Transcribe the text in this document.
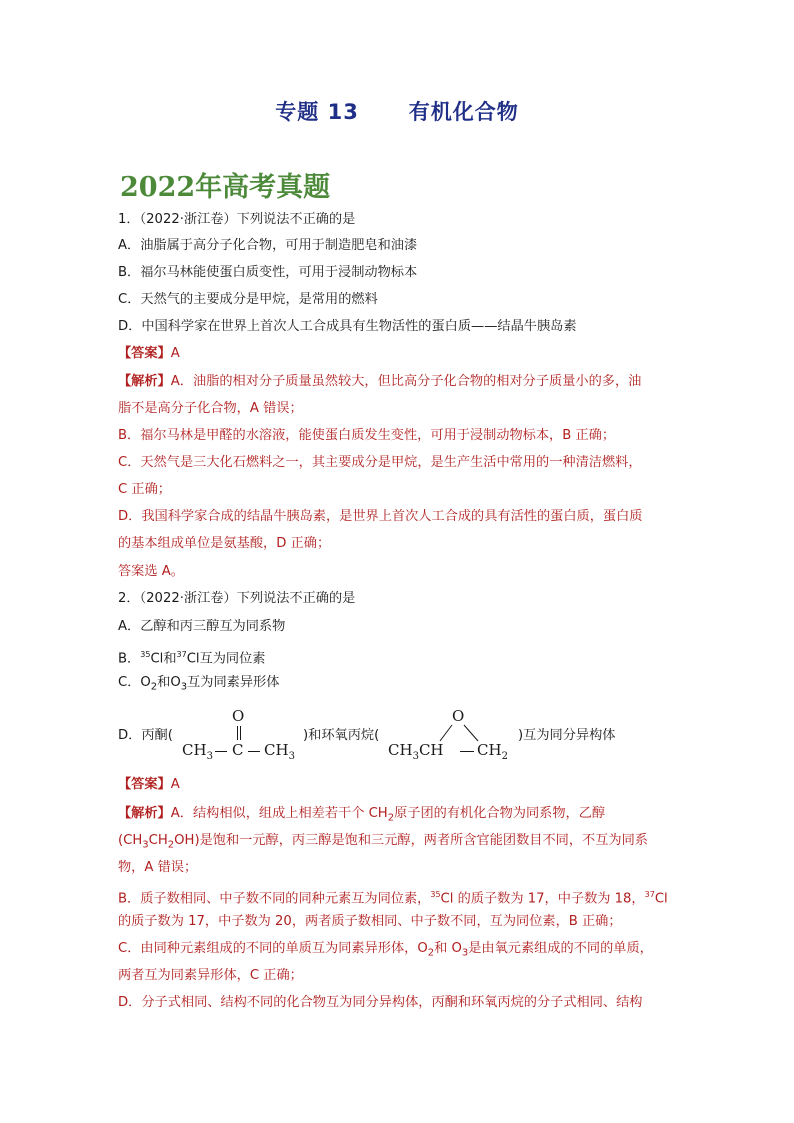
专题 13      有机化合物
2022年高考真题
1．（2022·浙江卷）下列说法不正确的是
A．油脂属于高分子化合物，可用于制造肥皂和油漆
B．福尔马林能使蛋白质变性，可用于浸制动物标本
C．天然气的主要成分是甲烷，是常用的燃料
D．中国科学家在世界上首次人工合成具有生物活性的蛋白质——结晶牛胰岛素
【答案】A
【解析】A．油脂的相对分子质量虽然较大，但比高分子化合物的相对分子质量小的多，油
脂不是高分子化合物，A 错误；
B．福尔马林是甲醛的水溶液，能使蛋白质发生变性，可用于浸制动物标本，B 正确；
C．天然气是三大化石燃料之一，其主要成分是甲烷，是生产生活中常用的一种清洁燃料，
C 正确；
D．我国科学家合成的结晶牛胰岛素，是世界上首次人工合成的具有活性的蛋白质，蛋白质
的基本组成单位是氨基酸，D 正确；
答案选 A。
2．（2022·浙江卷）下列说法不正确的是
A．乙醇和丙三醇互为同系物
B．$^{35}$Cl和$^{37}$Cl互为同位素
C．$O_2$和$O_3$互为同素异形体
D．丙酮(
O
$CH_3$ C $CH_3$
)和环氧丙烷(
O
$CH_3CH$ $CH_2$
)互为同分异构体
【答案】A
【解析】A．结构相似，组成上相差若干个 $CH_2$原子团的有机化合物为同系物，乙醇
$(CH_3CH_2OH)$是饱和一元醇，丙三醇是饱和三元醇，两者所含官能团数目不同，不互为同系
物，A 错误；
B．质子数相同、中子数不同的同种元素互为同位素，$^{35}$Cl 的质子数为 17，中子数为 18，$^{37}$Cl
的质子数为 17，中子数为 20，两者质子数相同、中子数不同，互为同位素，B 正确；
C．由同种元素组成的不同的单质互为同素异形体，$O_2$和 $O_3$是由氧元素组成的不同的单质，
两者互为同素异形体，C 正确；
D．分子式相同、结构不同的化合物互为同分异构体，丙酮和环氧丙烷的分子式相同、结构
